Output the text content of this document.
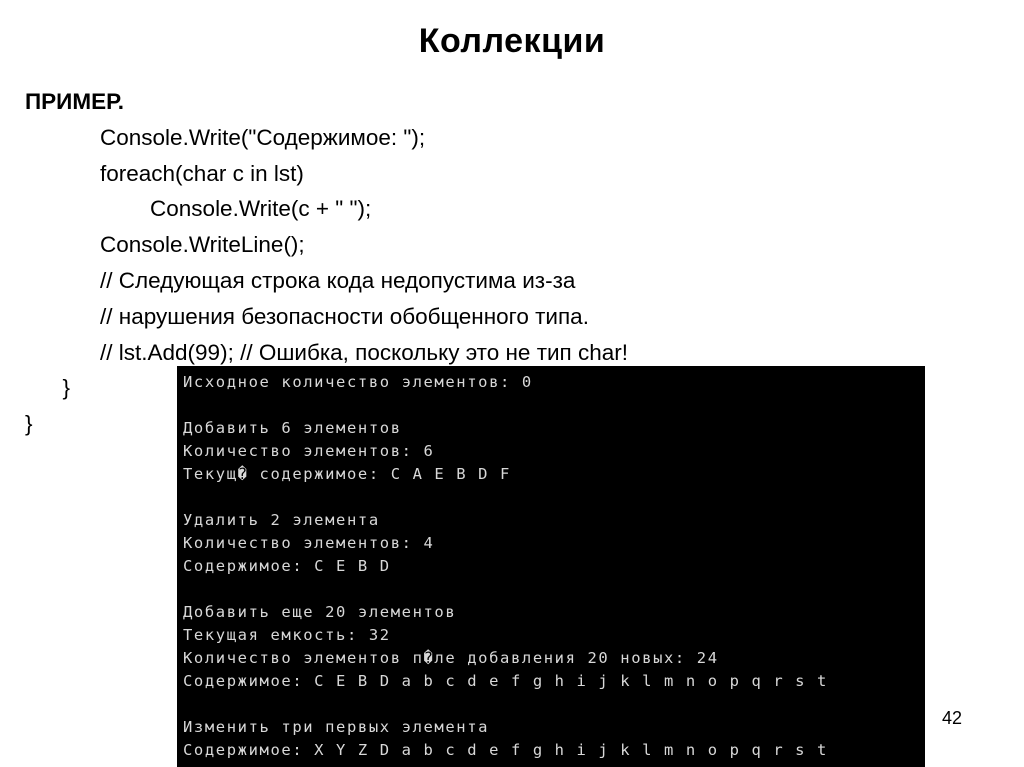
Коллекции
ПРИМЕР.
Console.Write("Содержимое: ");
foreach(char c in lst)
Console.Write(c + " ");
Console.WriteLine();
// Следующая строка кода недопустима из-за
// нарушения безопасности обобщенного типа.
// lst.Add(99); // Ошибка, поскольку это не тип char!
}
}
Исходное количество элементов: 0
Добавить 6 элементов
Количество элементов: 6
Текущ� содержимое: C A E B D F
Удалить 2 элемента
Количество элементов: 4
Содержимое: C E B D
Добавить еще 20 элементов
Текущая емкость: 32
Количество элементов п�ле добавления 20 новых: 24
Содержимое: C E B D a b c d e f g h i j k l m n o p q r s t
Изменить три первых элемента
Содержимое: X Y Z D a b c d e f g h i j k l m n o p q r s t
42
